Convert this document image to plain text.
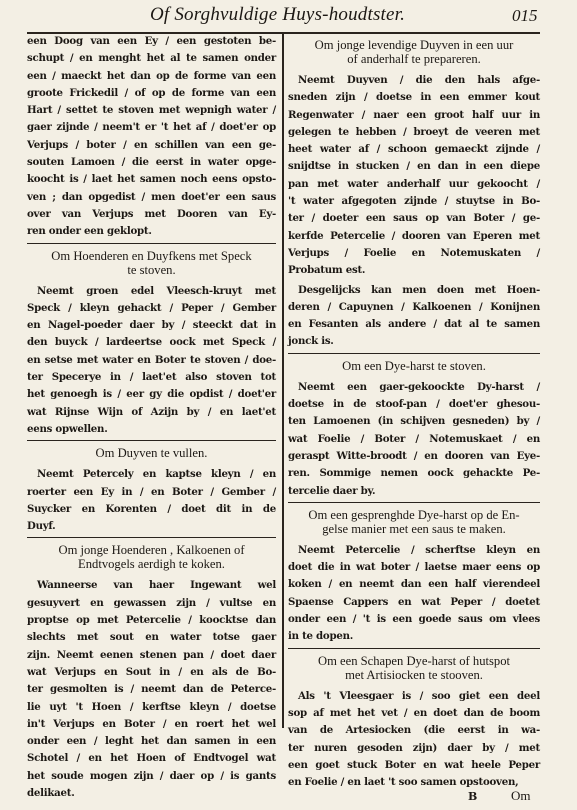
Of Sorghvuldige Huys-houdtster.	015
een Doog van een Ey / een gestoten be-
schupt / en menght het al te samen onder
een / maeckt het dan op de forme van een
groote Frickedil / of op de forme van een
Hart / settet te stoven met wepnigh water /
gaer zijnde / neem't er 't het af / doet'er op
Verjups / boter / en schillen van een ge-
souten Lamoen / die eerst in water opge-
koocht is / laet het samen noch eens opsto-
ven ; dan opgedist / men doet'er een saus
over van Verjups met Dooren van Ey-
ren onder een geklopt.
Om Hoenderen en Duyfkens met Speck
te stoven.
Neemt groen edel Vleesch-kruyt met
Speck / kleyn gehackt / Peper / Gember
en Nagel-poeder daer by / steeckt dat in
den buyck / lardeertse oock met Speck /
en setse met water en Boter te stoven / doe-
ter Specerye in / laet'et also stoven tot
het genoegh is / eer gy die opdist / doet'er
wat Rijnse Wijn of Azijn by / en laet'et
eens opwellen.
Om Duyven te vullen.
Neemt Petercely en kaptse kleyn / en
roerter een Ey in / en Boter / Gember /
Suycker en Korenten / doet dit in de
Duyf.
Om jonge Hoenderen , Kalkoenen of
Endtvogels aerdigh te koken.
Wanneerse van haer Ingewant wel
gesuyvert en gewassen zijn / vultse en
proptse op met Petercelie / koocktse dan
slechts met sout en water totse gaer
zijn. Neemt eenen stenen pan / doet daer
wat Verjups en Sout in / en als de Bo-
ter gesmolten is / neemt dan de Peterce-
lie uyt 't Hoen / kerftse kleyn / doetse
in't Verjups en Boter / en roert het wel
onder een / leght het dan samen in een
Schotel / en het Hoen of Endtvogel wat
het soude mogen zijn / daer op / is gants
delikaet.
Om jonge levendige Duyven in een uur
of anderhalf te prepareren.
Neemt Duyven / die den hals afge-
sneden zijn / doetse in een emmer kout
Regenwater / naer een groot half uur in
gelegen te hebben / broeyt de veeren met
heet water af / schoon gemaeckt zijnde /
snijdtse in stucken / en dan in een diepe
pan met water anderhalf uur gekoocht /
't water afgegoten zijnde / stuytse in Bo-
ter / doeter een saus op van Boter / ge-
kerfde Petercelie / dooren van Eperen met
Verjups / Foelie en Notemuskaten /
Probatum est.
Desgelijcks kan men doen met Hoen-
deren / Capuynen / Kalkoenen / Konijnen
en Fesanten als andere / dat al te samen
jonck is.
Om een Dye-harst te stoven.
Neemt een gaer-gekoockte Dy-harst /
doetse in de stoof-pan / doet'er ghesou-
ten Lamoenen (in schijven gesneden) by /
wat Foelie / Boter / Notemuskaet / en
geraspt Witte-broodt / en dooren van Eye-
ren. Sommige nemen oock gehackte Pe-
tercelie daer by.
Om een gesprenghde Dye-harst op de En-
gelse manier met een saus te maken.
Neemt Petercelie / scherftse kleyn en
doet die in wat boter / laetse maer eens op
koken / en neemt dan een half vierendeel
Spaense Cappers en wat Peper / doetet
onder een / 't is een goede saus om vlees
in te dopen.
Om een Schapen Dye-harst of hutspot
met Artisiocken te stooven.
Als 't Vleesgaer is / soo giet een deel
sop af met het vet / en doet dan de boom
van de Artesiocken (die eerst in wa-
ter nuren gesoden zijn) daer by / met
een goet stuck Boter en wat heele Peper
en Foelie / en laet 't soo samen opstooven,
B	Om
